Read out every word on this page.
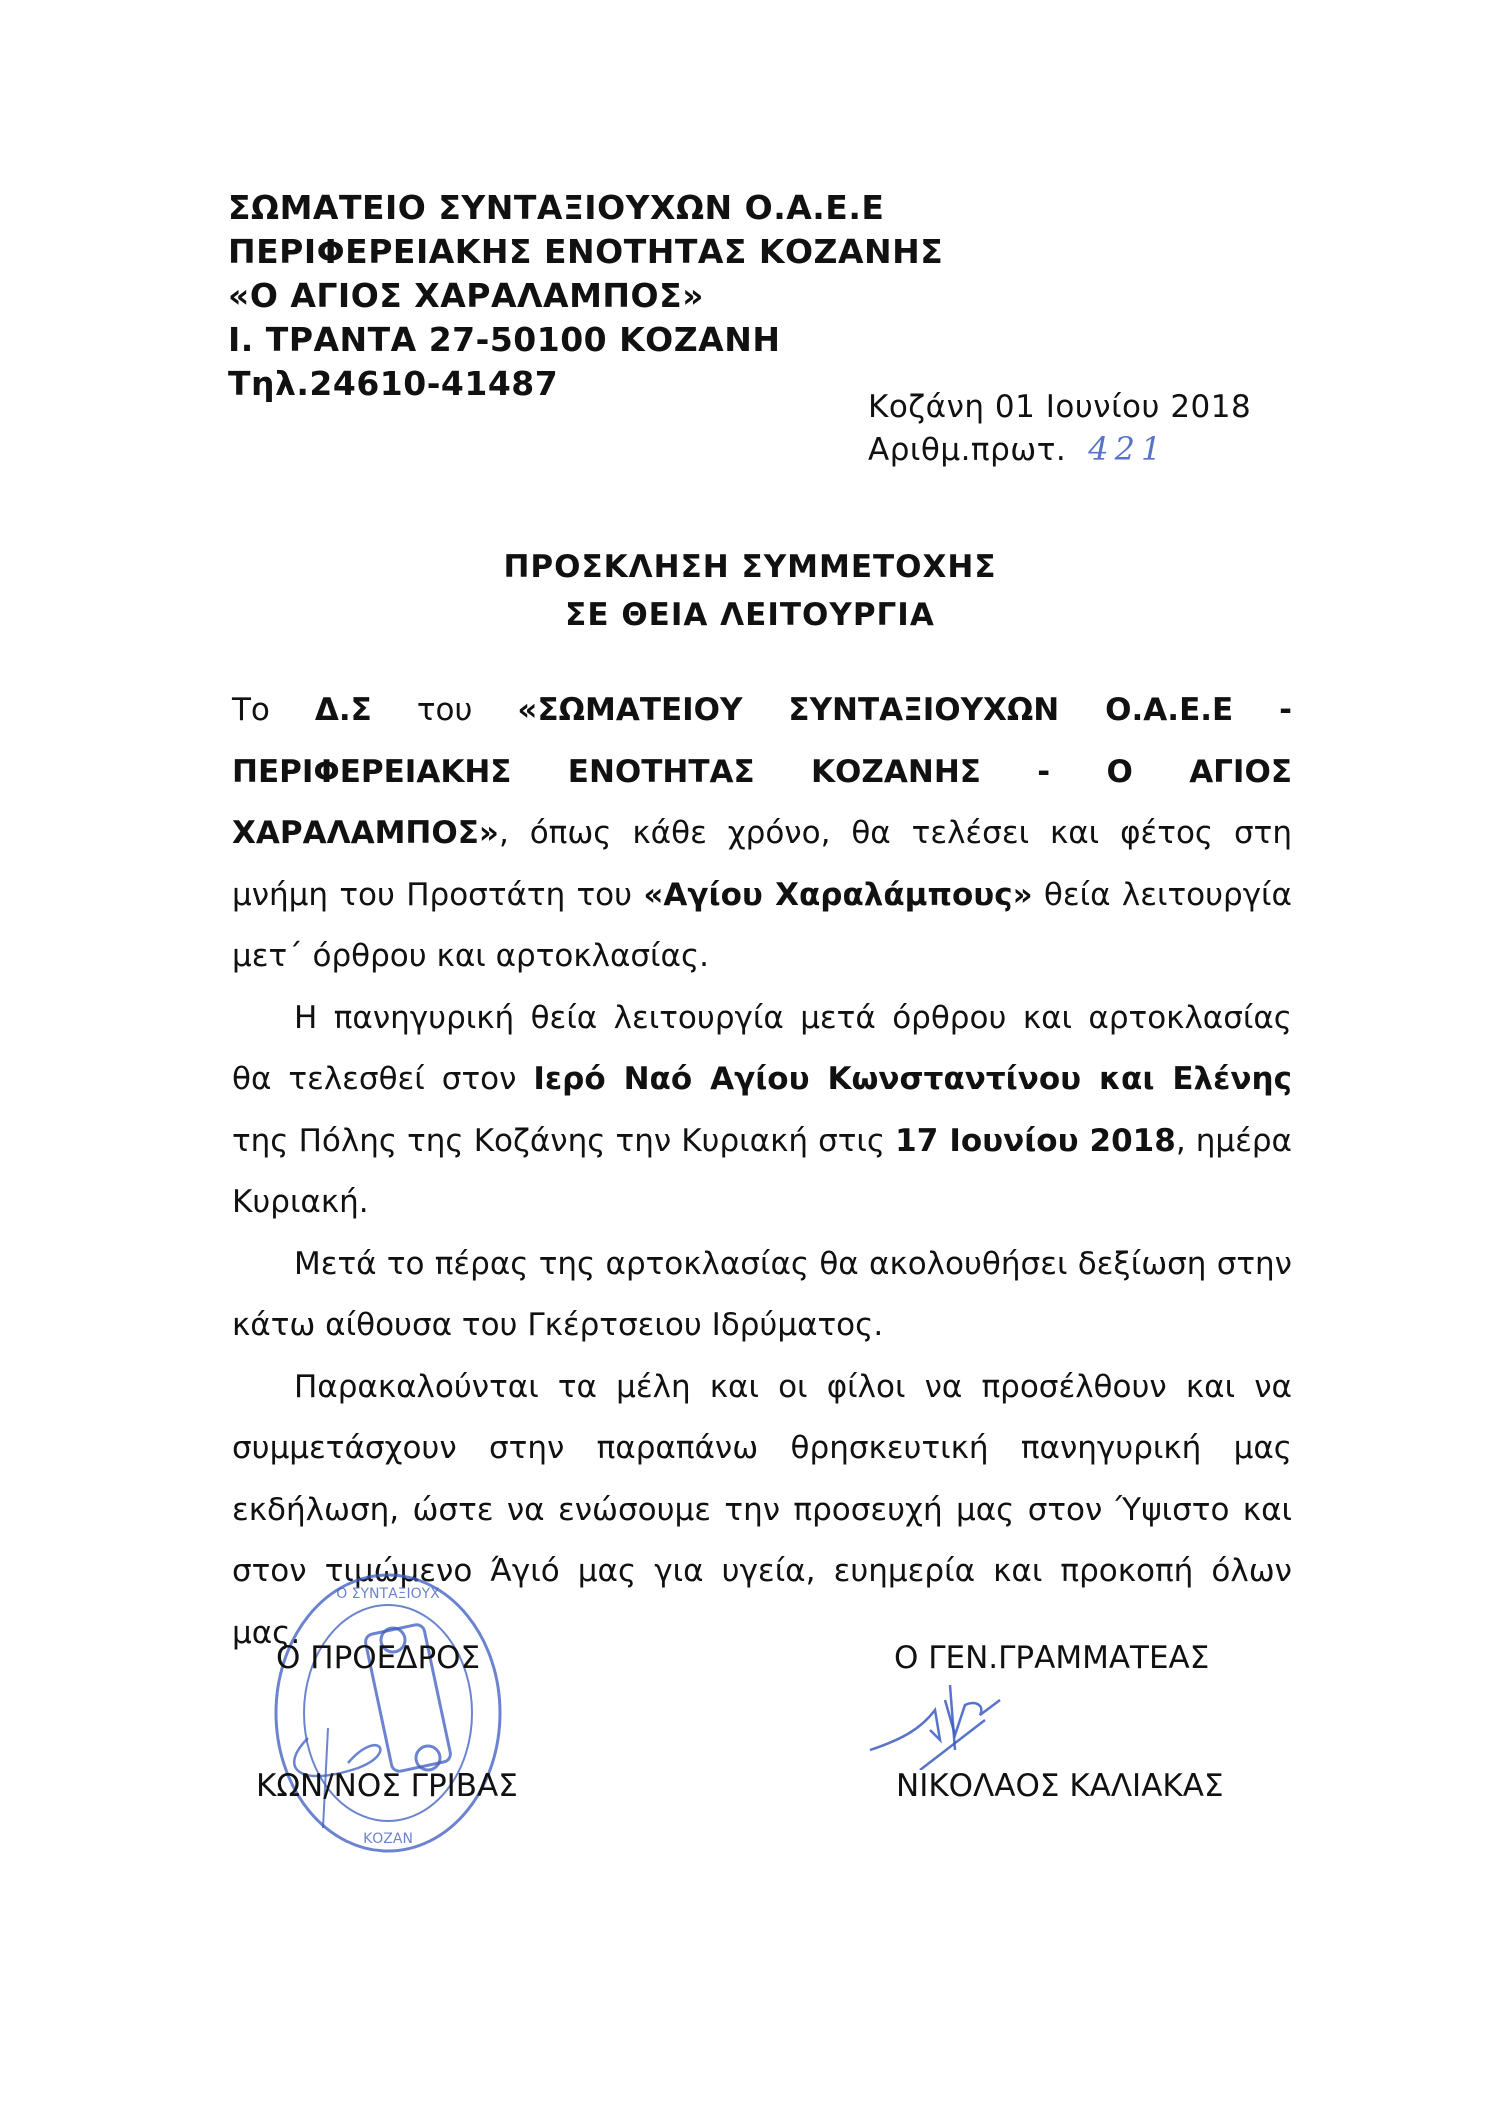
ΣΩΜΑΤΕΙΟ ΣΥΝΤΑΞΙΟΥΧΩΝ Ο.Α.Ε.Ε
ΠΕΡΙΦΕΡΕΙΑΚΗΣ ΕΝΟΤΗΤΑΣ ΚΟΖΑΝΗΣ
«Ο ΑΓΙΟΣ ΧΑΡΑΛΑΜΠΟΣ»
Ι. ΤΡΑΝΤΑ 27-50100 ΚΟΖΑΝΗ
Τηλ.24610-41487
Κοζάνη 01 Ιουνίου 2018
Αριθμ.πρωτ. 421
ΠΡΟΣΚΛΗΣΗ ΣΥΜΜΕΤΟΧΗΣ
ΣΕ ΘΕΙΑ ΛΕΙΤΟΥΡΓΙΑ

Το Δ.Σ του «ΣΩΜΑΤΕΙΟΥ ΣΥΝΤΑΞΙΟΥΧΩΝ Ο.Α.Ε.Ε - ΠΕΡΙΦΕΡΕΙΑΚΗΣ ΕΝΟΤΗΤΑΣ ΚΟΖΑΝΗΣ - Ο ΑΓΙΟΣ ΧΑΡΑΛΑΜΠΟΣ», όπως κάθε χρόνο, θα τελέσει και φέτος στη μνήμη του Προστάτη του «Αγίου Χαραλάμπους» θεία λειτουργία μετ΄ όρθρου και αρτοκλασίας.

Η πανηγυρική θεία λειτουργία μετά όρθρου και αρτοκλασίας θα τελεσθεί στον Ιερό Ναό Αγίου Κωνσταντίνου και Ελένης της Πόλης της Κοζάνης την Κυριακή στις 17 Ιουνίου 2018, ημέρα Κυριακή.

Μετά το πέρας της αρτοκλασίας θα ακολουθήσει δεξίωση στην κάτω αίθουσα του Γκέρτσειου Ιδρύματος.

Παρακαλούνται τα μέλη και οι φίλοι να προσέλθουν και να συμμετάσχουν στην παραπάνω θρησκευτική πανηγυρική μας εκδήλωση, ώστε να ενώσουμε την προσευχή μας στον Ύψιστο και στον τιμώμενο Άγιό μας για υγεία, ευημερία και προκοπή όλων μας.

Ο ΣΥΝΤΑΞΙΟΥΧ
ΚΟΖΑΝ
Ο ΠΡΟΕΔΡΟΣ
ΚΩΝ/ΝΟΣ ΓΡΙΒΑΣ
Ο ΓΕΝ.ΓΡΑΜΜΑΤΕΑΣ
ΝΙΚΟΛΑΟΣ ΚΑΛΙΑΚΑΣ
